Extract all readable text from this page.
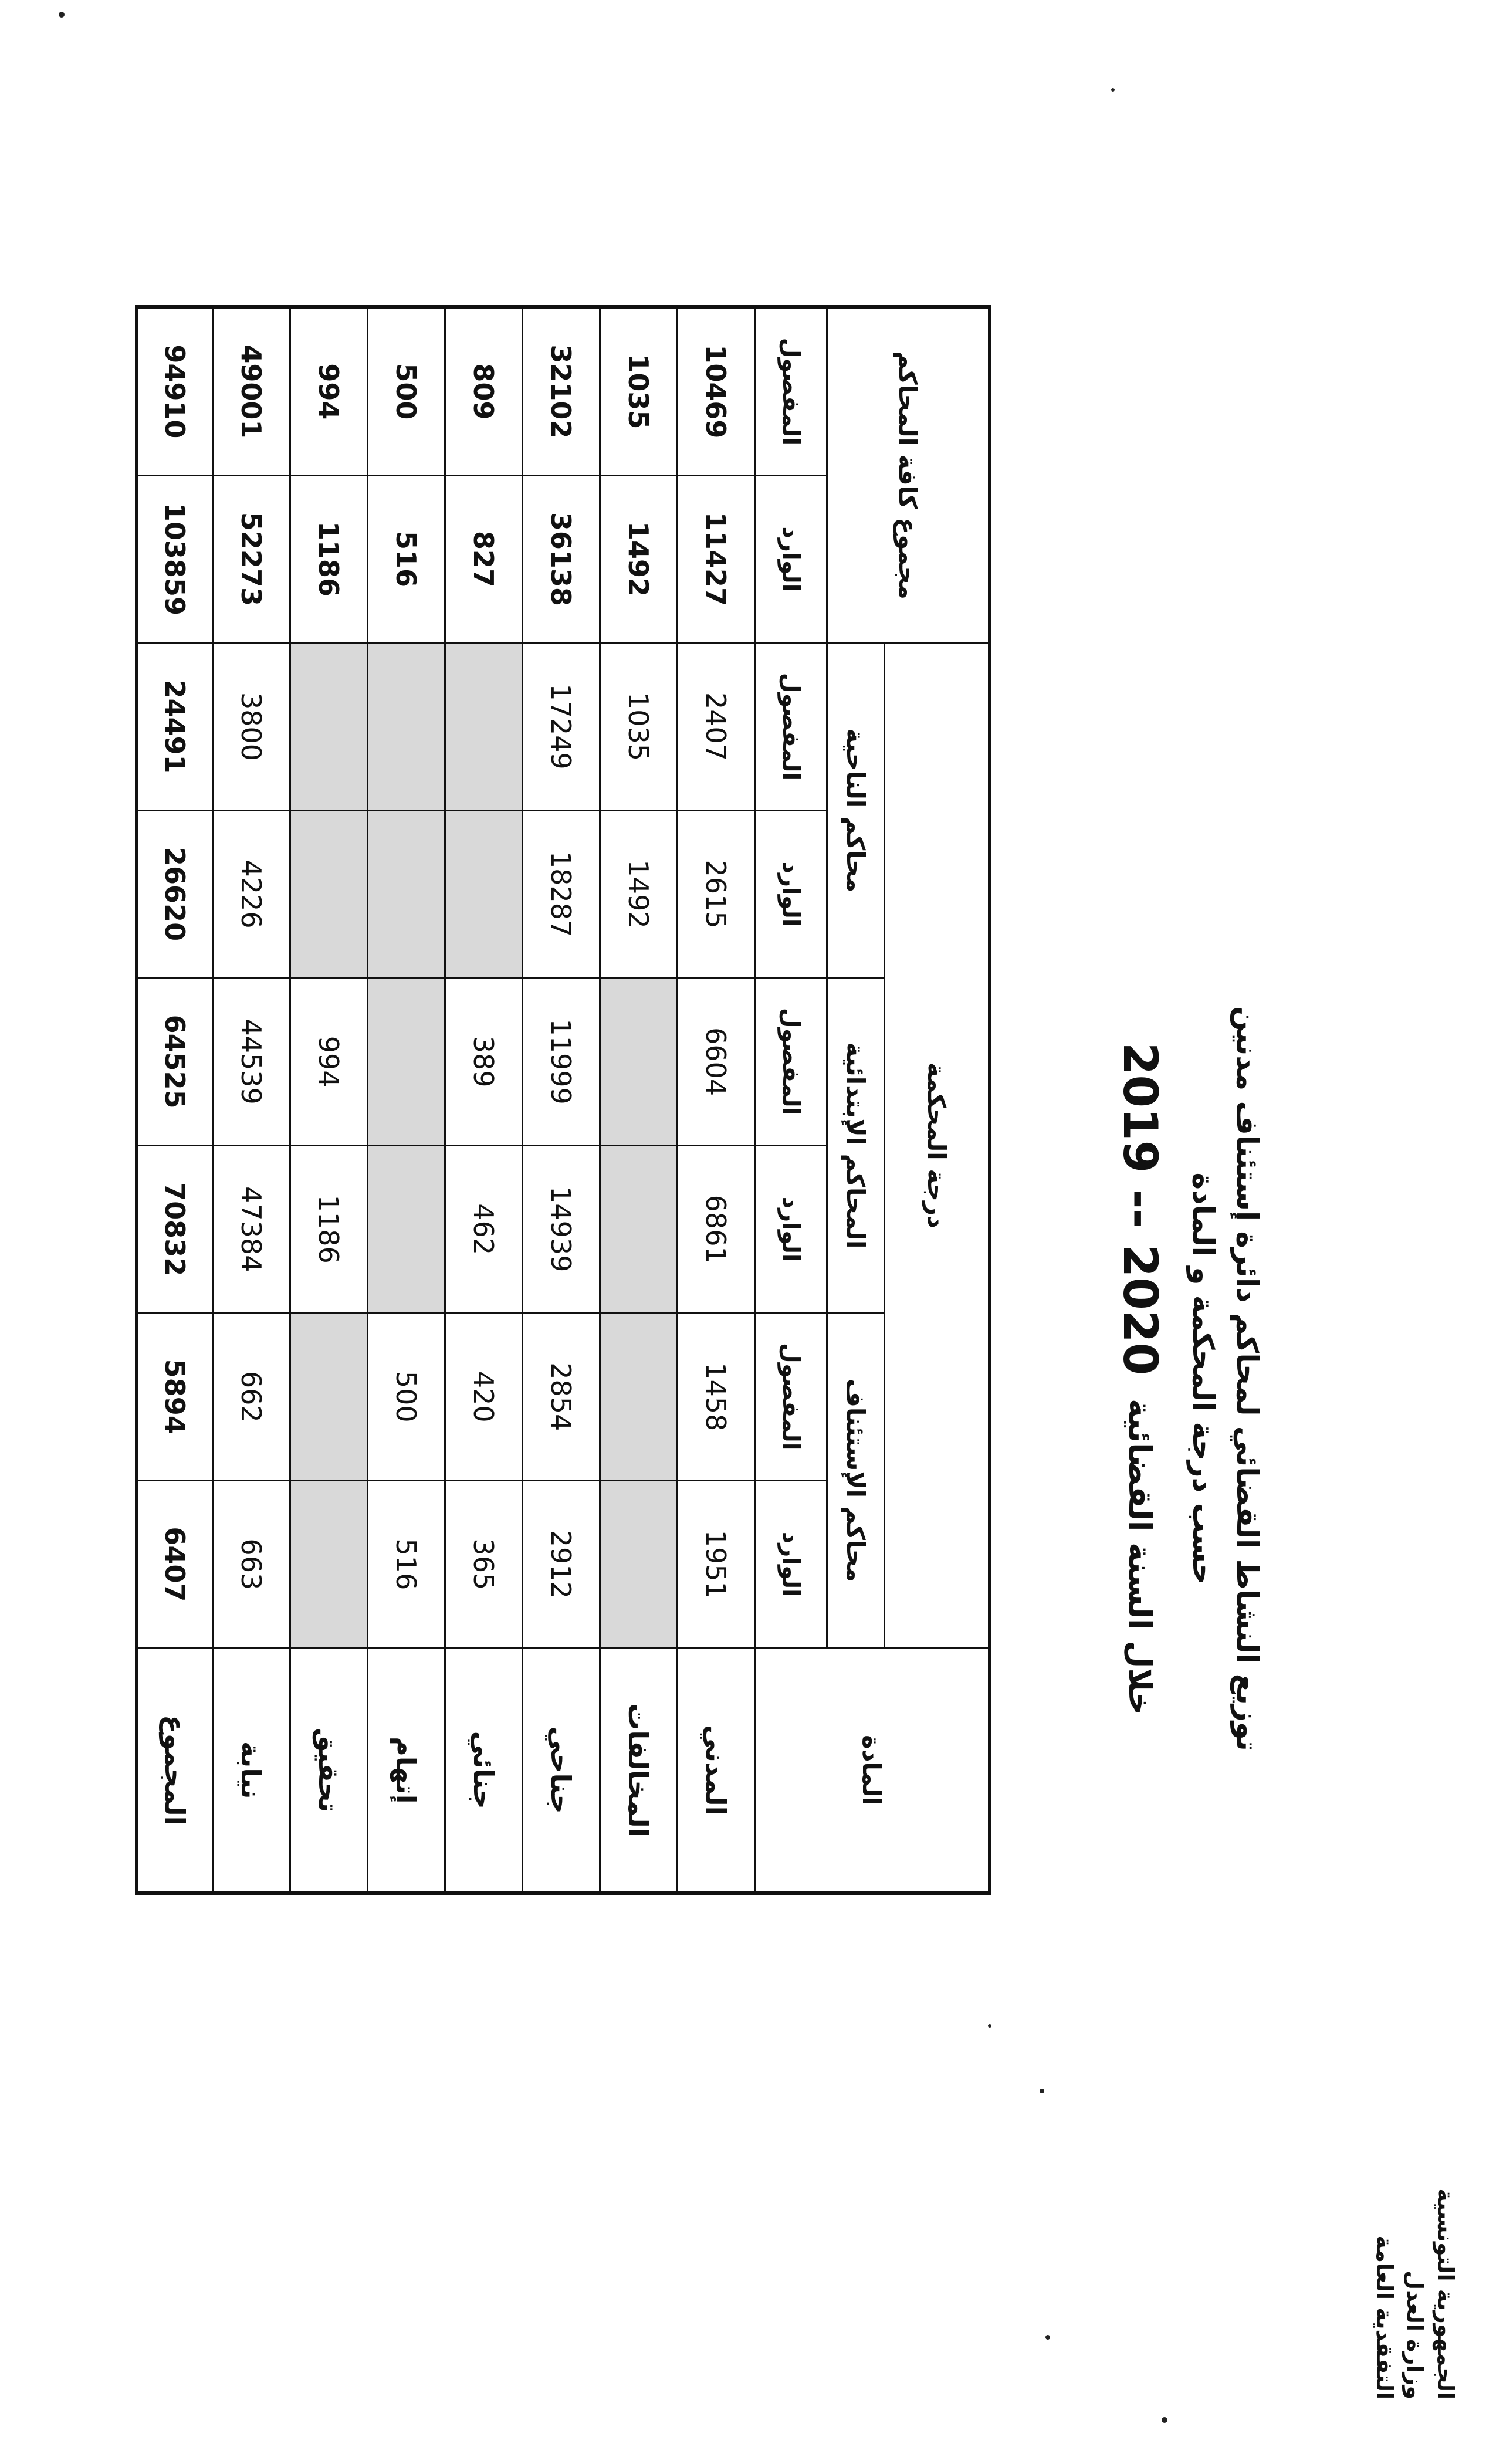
الجمهورية التونسية
وزارة العدل
التفقدية العامة
توزيع النشاط القضائي لمحاكم دائرة إستئناف مدنين
حسب درجة المحكمة و المادة
خلال السنة القضائية
2019 -- 2020
المادة	درجة المحكمة						مجموع كافة المحاكم	
	محاكم الإستئناف		المحاكم الإبتدائية		محاكم الناحية			
	الوارد	المفصول	الوارد	المفصول	الوارد	المفصول	الوارد	المفصول
المدني	1951	1458	6861	6604	2615	2407	11427	10469
المخالفات					1492	1035	1492	1035
جناحي	2912	2854	14939	11999	18287	17249	36138	32102
جنائي	365	420	462	389			827	809
إتهام	516	500					516	500
تحقيق			1186	994			1186	994
نيابة	663	662	47384	44539	4226	3800	52273	49001
المجموع	6407	5894	70832	64525	26620	24491	103859	94910
